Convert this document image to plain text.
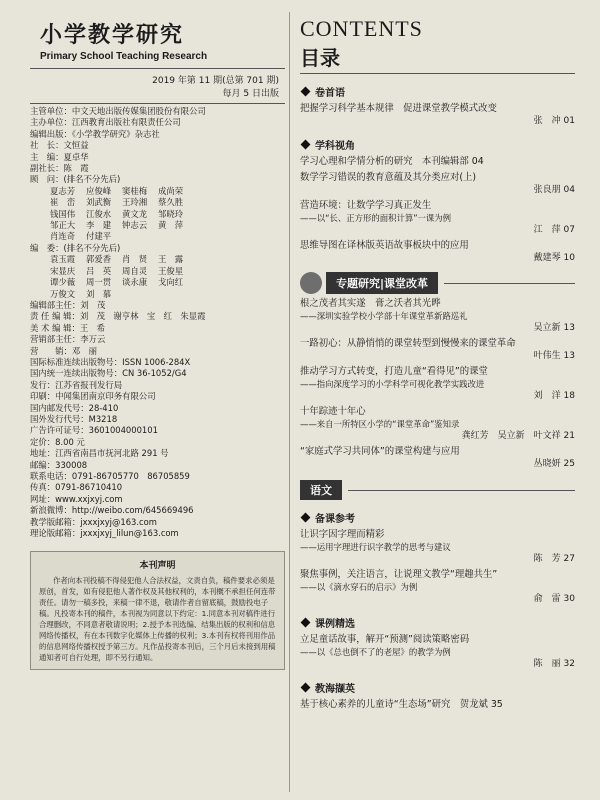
小学教学研究
Primary School Teaching Research
2019 年第 11 期(总第 701 期)
每月 5 日出版
主管单位：中文天地出版传媒集团股份有限公司
主办单位：江西教育出版社有限责任公司
编辑出版：《小学教学研究》杂志社
社　长：文恒益
主　编：夏卓华
副社长：陈　霞
顾　问：(排名不分先后)
夏志芳 应俊峰 窦桂梅 成尚荣
崔　峦 刘武衡 王玲湘 蔡久胜
钱国伟 江俊水 黄文龙 邹晓玲
邹正大 李　建 钟志云 黄　萍
肖连奇 付建平
编　委：(排名不分先后)
袁玉霞 郭爱香 肖　贤 王　露
宋显庆 吕　英 周自灵 王俊星
谭少薇 周一贯 谈永康 戈向红
万俊文 刘　慕
编辑部主任：刘　茂
责 任 编 辑：刘　茂　谢亨林　宝　红　朱显霞
美 术 编 辑：王　希
营销部主任：李万云
营　　销：邓　丽
国际标准连续出版物号：ISSN 1006-284X
国内统一连续出版物号：CN 36-1052/G4
发行：江苏省报刊发行局
印刷：中闻集团南京印务有限公司
国内邮发代号：28-410
国外发行代号：M3218
广告许可证号：3601004000101
定价：8.00 元
地址：江西省南昌市抚河北路 291 号
邮编：330008
联系电话：0791-86705770　86705859
传真：0791-86710410
网址：www.xxjxyj.com
新浪微博：http://weibo.com/645669496
教学版邮箱：jxxxjxyj@163.com
理论版邮箱：jxxxjxyj_lilun@163.com
本刊声明
作者向本刊投稿不得侵犯他人合法权益，文责自负，稿件要求必须是原创，首发，如有侵犯他人著作权及其他权利的，本刊概不承担任何连带责任。请勿一稿多投，来稿一律不退，敬请作者自留底稿，鼓励投电子稿。凡投寄本刊的稿件，本刊视为同意以下约定：1.同意本刊对稿件进行合理删改，不同意者敬请说明；2.授予本刊选编、结集出版的权利和信息网络传播权，有在本刊数字化媒体上传播的权利；3.本刊有权将刊用作品的信息网络传播权授予第三方。凡作品投寄本刊后，三个月后未接到用稿通知者可自行处理，即不另行通知。
CONTENTS
目录
卷首语
把握学习科学基本规律　促进课堂教学模式改变
张　冲 01
学科视角
学习心理和学情分析的研究　本刊编辑部 04
数学学习错误的教育意蕴及其分类应对(上)
张良朋 04
营造环境：让数学学习真正发生
——以“长、正方形的面积计算”一课为例
江　萍 07
思维导图在译林版英语故事板块中的应用
戴建琴 10
专题研究|课堂改革
根之茂者其实遂　膏之沃者其光晔
——深圳实验学校小学部十年课堂革新路巡礼
吴立新 13
一路初心：从静悄悄的课堂转型到慢慢来的课堂革命
叶伟生 13
推动学习方式转变，打造儿童“看得见”的课堂
——指向深度学习的小学科学可视化教学实践改进
刘　洋 18
十年踪迹十年心
——来自一所特区小学的“课堂革命”鉴知录
龚红芳　吴立新　叶文祥 21
“家庭式学习共同体”的课堂构建与应用
丛晓妍 25
语文
备课参考
让识字因字理而精彩
——运用字理进行识字教学的思考与建议
陈　芳 27
聚焦事例，关注语言，让说理文教学“理趣共生”
——以《滴水穿石的启示》为例
俞　雷 30
课例精选
立足童话故事，解开“预测”阅读策略密码
——以《总也倒不了的老屋》的教学为例
陈　丽 32
教海撷英
基于核心素养的儿童诗“生态场”研究　贺龙斌 35
